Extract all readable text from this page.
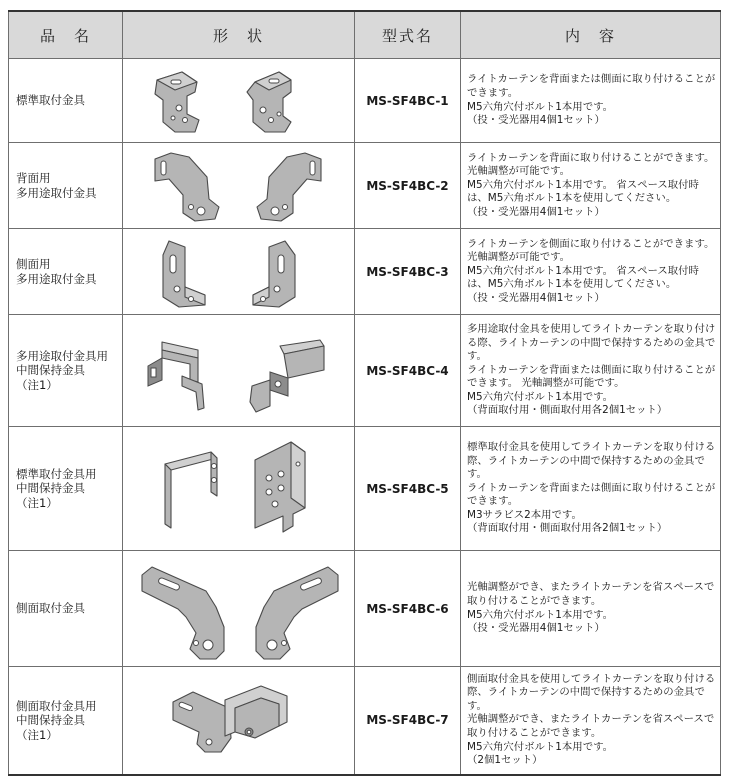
品　名	形　状	型式名	内　容

標準取付金具		MS-SF4BC-1	ライトカーテンを背面または側面に取り付けることができます。
M5六角穴付ボルト1本用です。
（投・受光器用4個1セット）

背面用
多用途取付金具		MS-SF4BC-2	ライトカーテンを背面に取り付けることができます。 光軸調整が可能です。
M5六角穴付ボルト1本用です。 省スペース取付時は、M5六角ボルト1本を使用してください。
（投・受光器用4個1セット）

側面用
多用途取付金具		MS-SF4BC-3	ライトカーテンを側面に取り付けることができます。 光軸調整が可能です。
M5六角穴付ボルト1本用です。 省スペース取付時は、M5六角ボルト1本を使用してください。
（投・受光器用4個1セット）

多用途取付金具用
中間保持金具
（注1）		MS-SF4BC-4	多用途取付金具を使用してライトカーテンを取り付ける際、ライトカーテンの中間で保持するための金具です。
ライトカーテンを背面または側面に取り付けることができます。 光軸調整が可能です。
M5六角穴付ボルト1本用です。
（背面取付用・側面取付用各2個1セット）

標準取付金具用
中間保持金具
（注1）		MS-SF4BC-5	標準取付金具を使用してライトカーテンを取り付ける際、ライトカーテンの中間で保持するための金具です。
ライトカーテンを背面または側面に取り付けることができます。
M3サラビス2本用です。
（背面取付用・側面取付用各2個1セット）

側面取付金具		MS-SF4BC-6	光軸調整ができ、またライトカーテンを省スペースで取り付けることができます。
M5六角穴付ボルト1本用です。
（投・受光器用4個1セット）

側面取付金具用
中間保持金具
（注1）		MS-SF4BC-7	側面取付金具を使用してライトカーテンを取り付ける際、ライトカーテンの中間で保持するための金具です。
光軸調整ができ、またライトカーテンを省スペースで取り付けることができます。
M5六角穴付ボルト1本用です。
（2個1セット）
